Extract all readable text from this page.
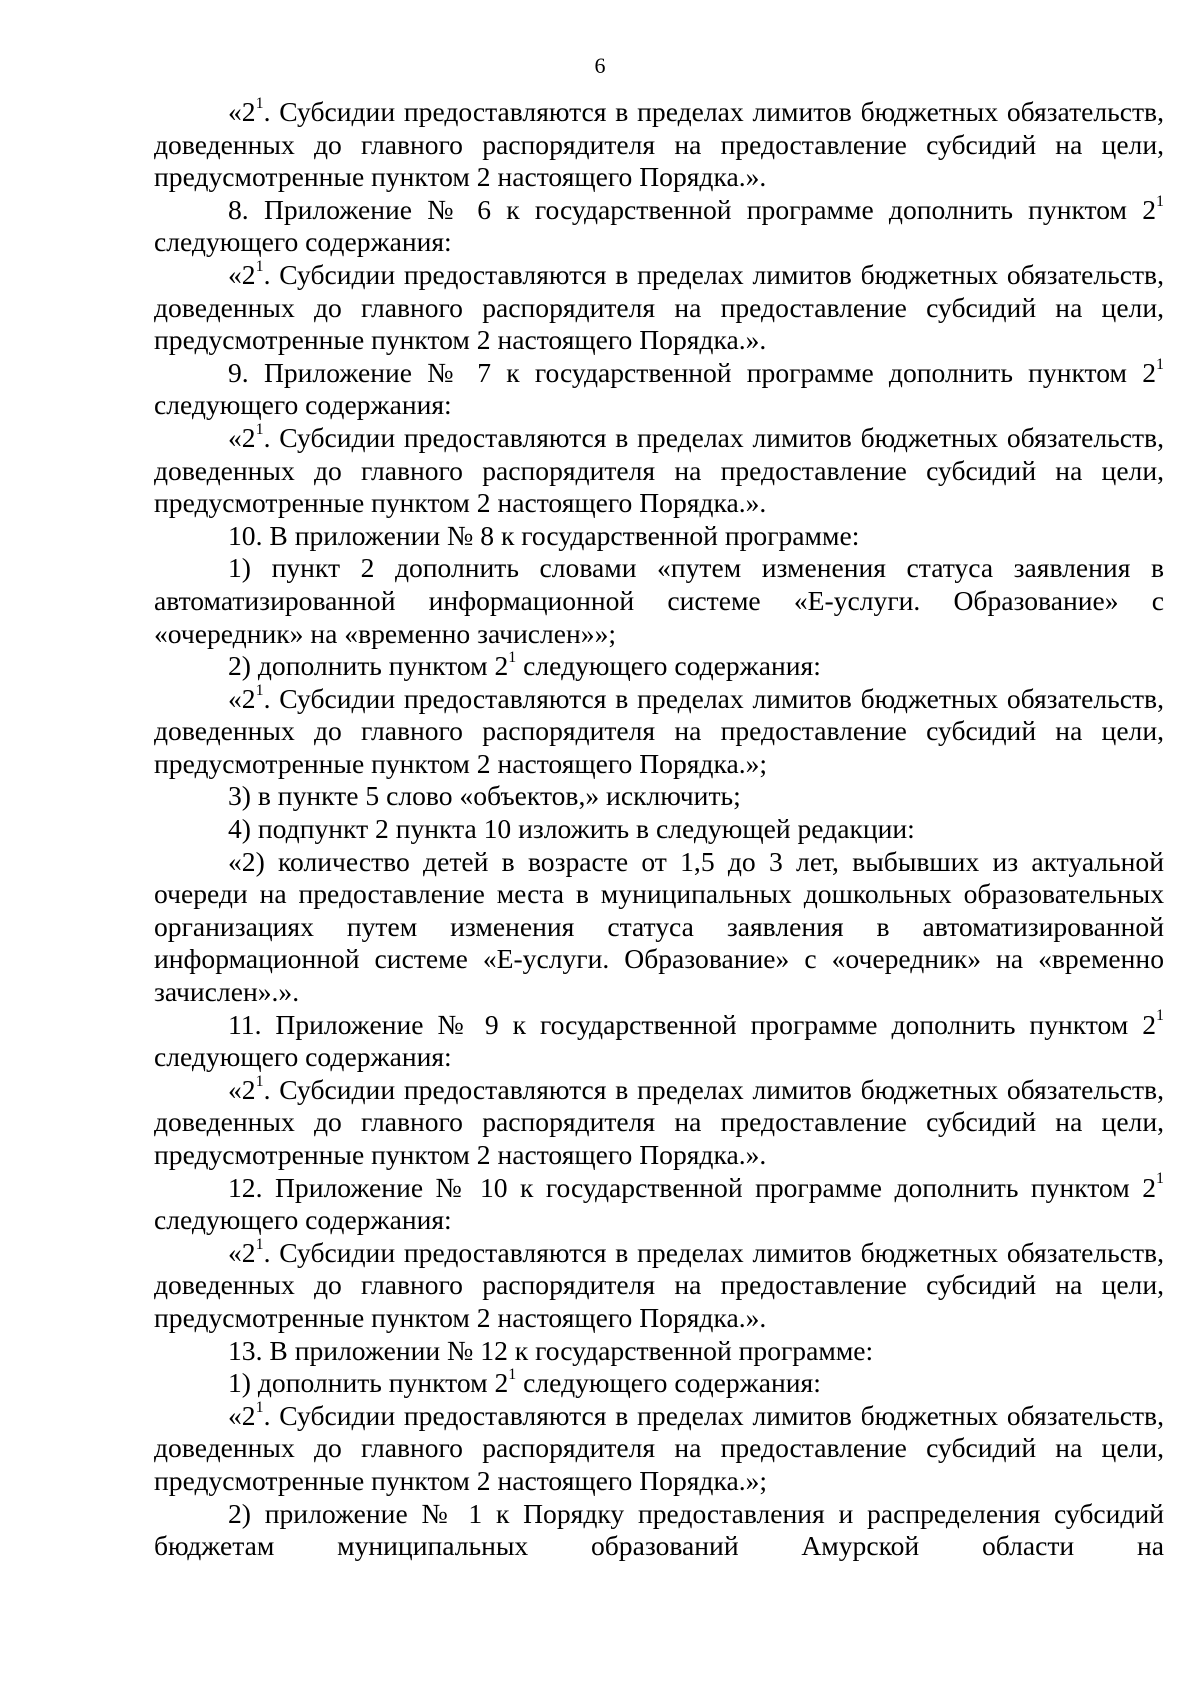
6

«$2^1$. Субсидии предоставляются в пределах лимитов бюджетных обязательств, доведенных до главного распорядителя на предоставление субсидий на цели, предусмотренные пунктом 2 настоящего Порядка.».

8. Приложение № 6 к государственной программе дополнить пунктом $2^1$ следующего содержания:

«$2^1$. Субсидии предоставляются в пределах лимитов бюджетных обязательств, доведенных до главного распорядителя на предоставление субсидий на цели, предусмотренные пунктом 2 настоящего Порядка.».

9. Приложение № 7 к государственной программе дополнить пунктом $2^1$ следующего содержания:

«$2^1$. Субсидии предоставляются в пределах лимитов бюджетных обязательств, доведенных до главного распорядителя на предоставление субсидий на цели, предусмотренные пунктом 2 настоящего Порядка.».

10. В приложении № 8 к государственной программе:

1) пункт 2 дополнить словами «путем изменения статуса заявления в автоматизированной информационной системе «Е-услуги. Образование» с «очередник» на «временно зачислен»»;

2) дополнить пунктом $2^1$ следующего содержания:

«$2^1$. Субсидии предоставляются в пределах лимитов бюджетных обязательств, доведенных до главного распорядителя на предоставление субсидий на цели, предусмотренные пунктом 2 настоящего Порядка.»;

3) в пункте 5 слово «объектов,» исключить;

4) подпункт 2 пункта 10 изложить в следующей редакции:

«2) количество детей в возрасте от 1,5 до 3 лет, выбывших из актуальной очереди на предоставление места в муниципальных дошкольных образовательных организациях путем изменения статуса заявления в автоматизированной информационной системе «Е-услуги. Образование» с «очередник» на «временно зачислен».».

11. Приложение № 9 к государственной программе дополнить пунктом $2^1$ следующего содержания:

«$2^1$. Субсидии предоставляются в пределах лимитов бюджетных обязательств, доведенных до главного распорядителя на предоставление субсидий на цели, предусмотренные пунктом 2 настоящего Порядка.».

12. Приложение № 10 к государственной программе дополнить пунктом $2^1$ следующего содержания:

«$2^1$. Субсидии предоставляются в пределах лимитов бюджетных обязательств, доведенных до главного распорядителя на предоставление субсидий на цели, предусмотренные пунктом 2 настоящего Порядка.».

13. В приложении № 12 к государственной программе:

1) дополнить пунктом $2^1$ следующего содержания:

«$2^1$. Субсидии предоставляются в пределах лимитов бюджетных обязательств, доведенных до главного распорядителя на предоставление субсидий на цели, предусмотренные пунктом 2 настоящего Порядка.»;

2) приложение № 1 к Порядку предоставления и распределения субсидий бюджетам муниципальных образований Амурской области на
